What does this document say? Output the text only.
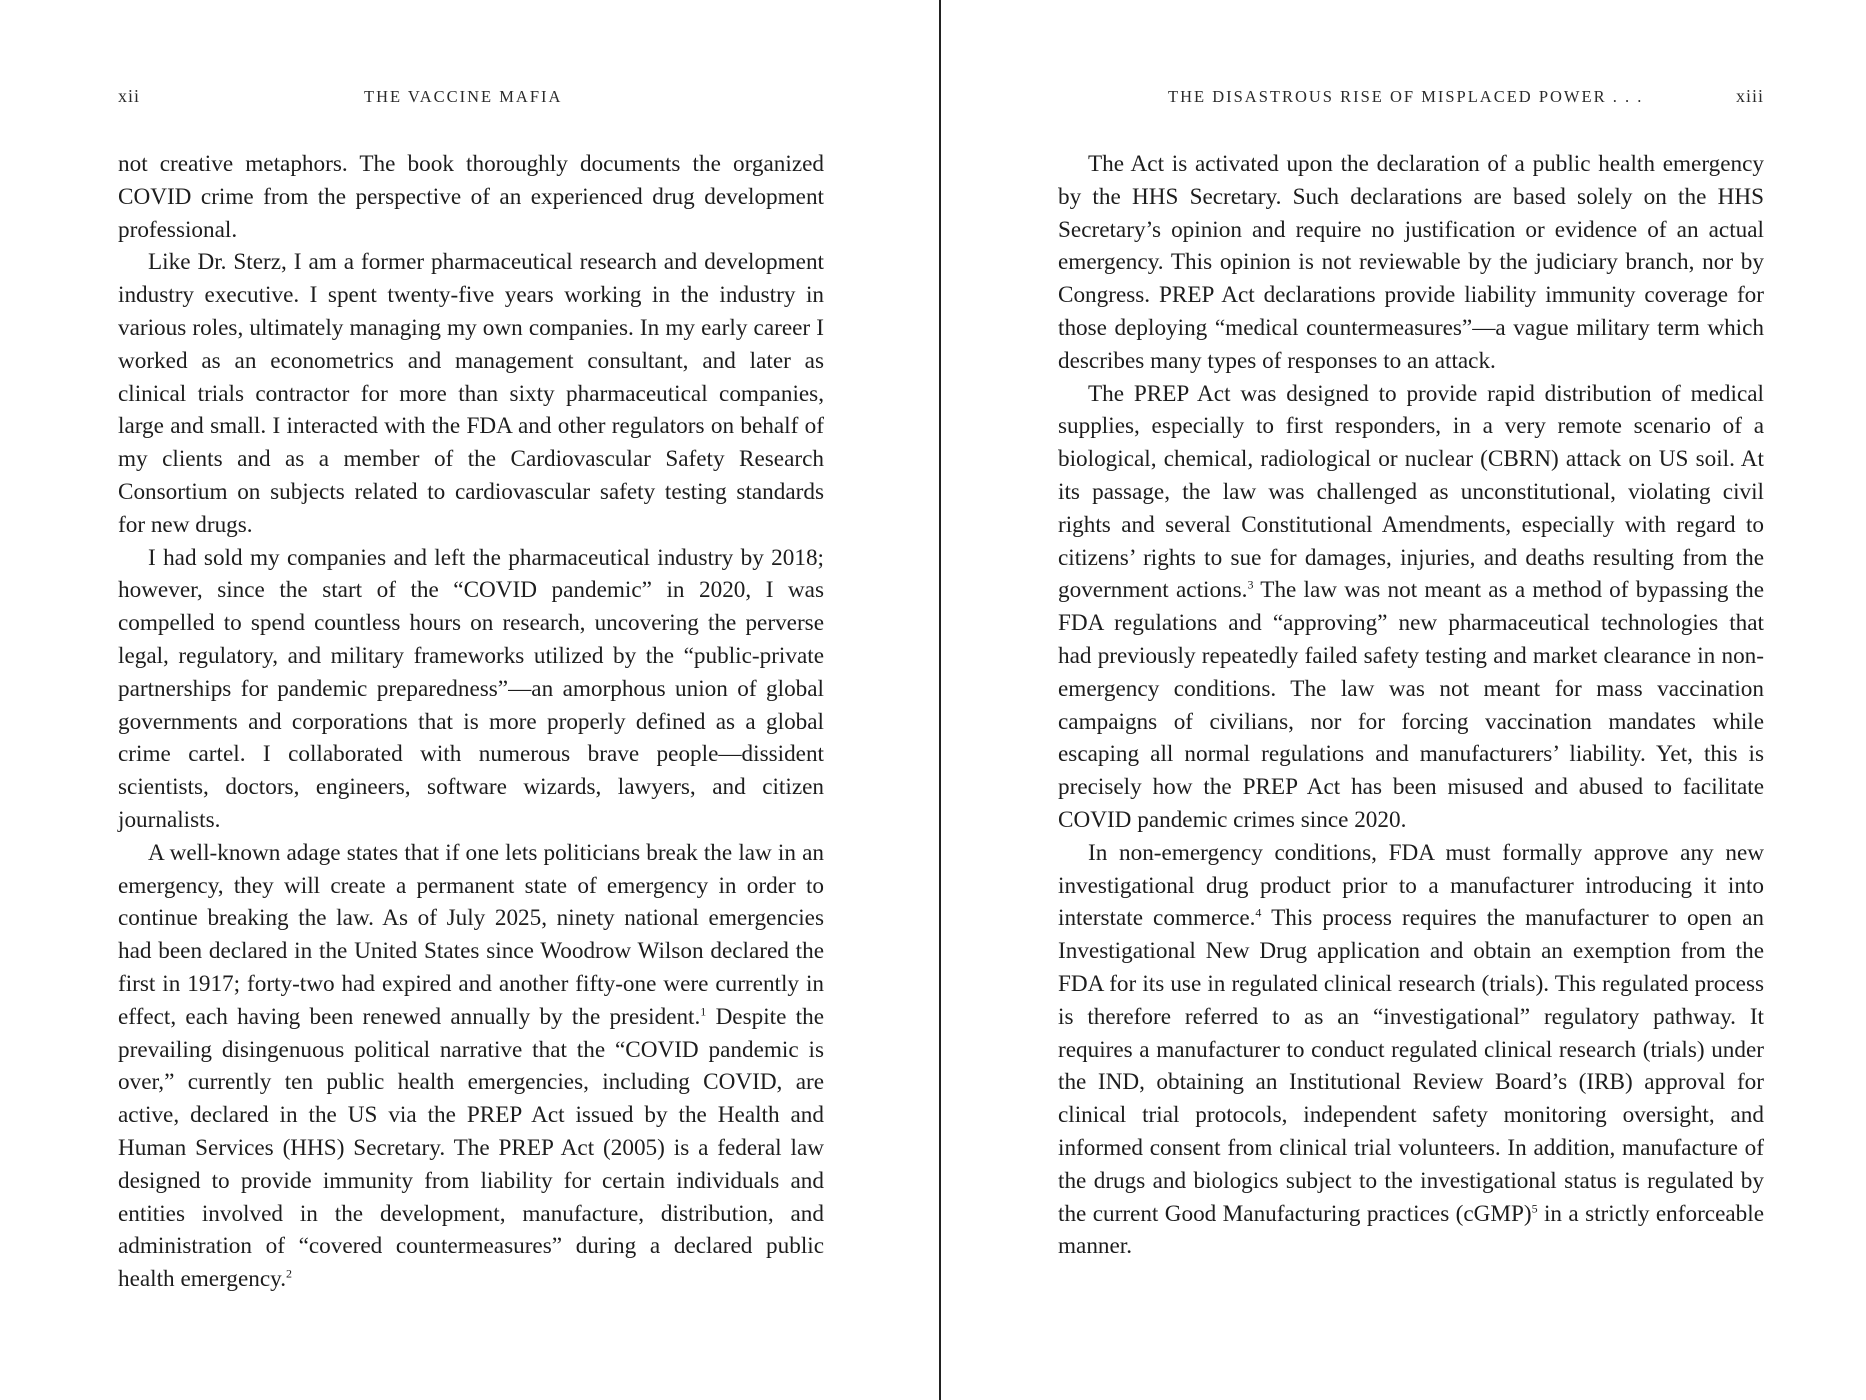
xii	THE VACCINE MAFIA

not creative metaphors. The book thoroughly documents the organized COVID crime from the perspective of an experienced drug development professional.

Like Dr. Sterz, I am a former pharmaceutical research and development industry executive. I spent twenty-five years working in the industry in various roles, ultimately managing my own companies. In my early career I worked as an econometrics and management consultant, and later as clinical trials contractor for more than sixty pharmaceutical companies, large and small. I interacted with the FDA and other regulators on behalf of my clients and as a member of the Cardiovascular Safety Research Consortium on subjects related to cardiovascular safety testing standards for new drugs.

I had sold my companies and left the pharmaceutical industry by 2018; however, since the start of the “COVID pandemic” in 2020, I was compelled to spend countless hours on research, uncovering the perverse legal, regulatory, and military frameworks utilized by the “public-private partnerships for pandemic preparedness”—an amorphous union of global governments and corporations that is more properly defined as a global crime cartel. I collaborated with numerous brave people—dissident scientists, doctors, engineers, software wizards, lawyers, and citizen journalists.

A well-known adage states that if one lets politicians break the law in an emergency, they will create a permanent state of emergency in order to continue breaking the law. As of July 2025, ninety national emergencies had been declared in the United States since Woodrow Wilson declared the first in 1917; forty-two had expired and another fifty-one were currently in effect, each having been renewed annually by the president.$^1$ Despite the prevailing disingenuous political narrative that the “COVID pandemic is over,” currently ten public health emergencies, including COVID, are active, declared in the US via the PREP Act issued by the Health and Human Services (HHS) Secretary. The PREP Act (2005) is a federal law designed to provide immunity from liability for certain individuals and entities involved in the development, manufacture, distribution, and administration of “covered countermeasures” during a declared public health emergency.$^2$

THE DISASTROUS RISE OF MISPLACED POWER . . .	xiii

The Act is activated upon the declaration of a public health emergency by the HHS Secretary. Such declarations are based solely on the HHS Secretary’s opinion and require no justification or evidence of an actual emergency. This opinion is not reviewable by the judiciary branch, nor by Congress. PREP Act declarations provide liability immunity coverage for those deploying “medical countermeasures”—a vague military term which describes many types of responses to an attack.

The PREP Act was designed to provide rapid distribution of medical supplies, especially to first responders, in a very remote scenario of a biological, chemical, radiological or nuclear (CBRN) attack on US soil. At its passage, the law was challenged as unconstitutional, violating civil rights and several Constitutional Amendments, especially with regard to citizens’ rights to sue for damages, injuries, and deaths resulting from the government actions.$^3$ The law was not meant as a method of bypassing the FDA regulations and “approving” new pharmaceutical technologies that had previously repeatedly failed safety testing and market clearance in non-emergency conditions. The law was not meant for mass vaccination campaigns of civilians, nor for forcing vaccination mandates while escaping all normal regulations and manufacturers’ liability. Yet, this is precisely how the PREP Act has been misused and abused to facilitate COVID pandemic crimes since 2020.

In non-emergency conditions, FDA must formally approve any new investigational drug product prior to a manufacturer introducing it into interstate commerce.$^4$ This process requires the manufacturer to open an Investigational New Drug application and obtain an exemption from the FDA for its use in regulated clinical research (trials). This regulated process is therefore referred to as an “investigational” regulatory pathway. It requires a manufacturer to conduct regulated clinical research (trials) under the IND, obtaining an Institutional Review Board’s (IRB) approval for clinical trial protocols, independent safety monitoring oversight, and informed consent from clinical trial volunteers. In addition, manufacture of the drugs and biologics subject to the investigational status is regulated by the current Good Manufacturing practices (cGMP)$^5$ in a strictly enforceable manner.
